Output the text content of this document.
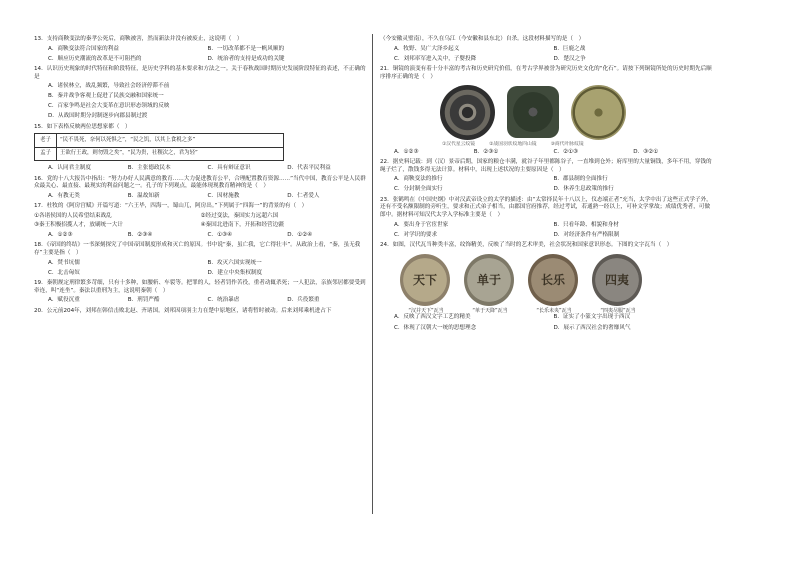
13．支持商鞅变法的秦孝公死后，商鞅被害，然而新法并没有被废止，这说明（　）
A．商鞅变法符合国家的利益	B．一切改革都不是一帆风顺的
C．顺应历史潮流的改革是不可阻挡的	D．统治者的支持是成功的关键
14．认识历史现象的时代特征和阶段特征，是历史学科的基本要求和方法之一。关于春秋战国时期历史发展阶段特征的表述，不正确的是
A．诸侯林立，战乱频繁，导致社会经济停滞不前
B．秦并战争客观上促进了民族交融和国家统一
C．百家争鸣是社会大变革在意识形态领域的反映
D．从战国时期分封制逐步向郡县制过渡
15．如下表格反映两位思想家都（　）
老子	“民不畏死，奈何以死惧之”，“民之饥，以其上食税之多”
孟子	王欲行王政，则勿毁之矣”，“民为贵，社稷次之，君为轻”
A．认同君主制度	B．主张德政民本	C．具有辩证意识	D．代表平民利益
16．党的十八大报告中指出：“努力办好人民满意的教育……大力促进教育公平，合理配置教育资源……”当代中国，教育公平是人民群众最关心、最直接、最现实的利益问题之一。孔子的下列观点，最能体现现教育精神的是（　）
A．有教无类	B．温故知新	C．因材施教	D．仁者爱人
17．杜牧的《阿房宫赋》开篇写道：“六王毕，四海一，蜀山兀，阿房出。”下列属于“四海一”的背景的有（　）
①各诸侯国的人民希望结束战乱	②经过变法，秦国实力远超六国
③秦王积极招揽人才，放刷统一大计	④秦国北进南下，开拓和经营边疆
A．①②③	B．②③④	C．①③④	D．①②④
18．《帝国的终结》一书深刻探究了中国帝国制度形成和灭亡的原因。书中说“秦，虽亡我，它亡得壮丰”。从政治上看，“秦，虽无我存”主要是指（　）
A．焚书坑儒	B．攻灭六国实现统一
C．北击匈奴	D．建立中央集权制度
19．秦朝规定刑律繁多苛细，只有十多种，如腰斩、车裂等。把罪的人，轻者罚作苦役，重者动辄杀死；一人犯法，亲族邻居都要受到牵连，叫“连坐”。秦法以重刑为主，这说明秦朝（　）
A．赋役沉重	B．刑罚严酷	C．统治暴虐	D．兵役繁重
20．公元前204年，刘邦在韩信击败北赵、齐诸国。刘邦因项羽主力在楚中原地区，诸将暂时被动。后来刘邦乘机进占下
（今安徽灵璧南），不久在乌江（今安徽和县东北）自杀。这段材料描写的是（　）
A．牧野、吴广大泽乡起义	B．巨鹿之战
C．刘邦率军进入关中，子婴投降	D．楚汉之争
21．铜镜的演变有着十分丰富的考古和历史研究价值，在考古学界被誉为研究历史文化的“化石”。请按下列铜镜所处的历史时期先后顺序排序正确的是（　）
①汉代星云纹镜	②战国羽状纹地四山镜	③商代叶脉纹镜
A．①②③	B．②③①	C．②①③	D．③②①
22．据史料记载：到（汉）景帝后期，国家的粮仓丰满，就谷子年里都陈谷子，一直堆到仓外；府库里的大量铜钱，多年不用，穿钱的绳子烂了，散钱多得无法计算。材料中，出现上述状况的主要原因是（　）
A．商鞅变法的推行	B．郡县制的全面推行
C．分封制全面实行	D．休养生息政策的推行
23．张鹤鸣在《中国史纲》中对汉武帝设立的太学的描述：由“太常择民年十八以上，仪态端正者”充当，太学中出了这些正式学子外，还有不受名额限制的旁听生，要求和正式弟子相当，由郡国官府推荐，经过考试，若通熟一经以上，可补文学掌故；成绩优秀者，可做郎中。据材料可知汉代太学入学标准主要是（　）
A．要出身于官宦世家	B．只看年龄、相貌和身材
C．对学识的要求	D．对经济条件有严格限制
24．如图，汉代瓦当种类丰富，纹饰精美，反映了当时的艺术审美，社会状况和国家意识形态。下图的文字瓦当（　）
天下	单于	长乐	四夷
“汉并天下”瓦当	“单于天降”瓦当	“长乐未央”瓦当	“四夷尽服”瓦当
A．反映了西汉文字工艺的精美	B．证实了小篆文字出现于西汉
C．体现了汉朝大一统的思想理念	D．展示了西汉社会的奢靡风气
